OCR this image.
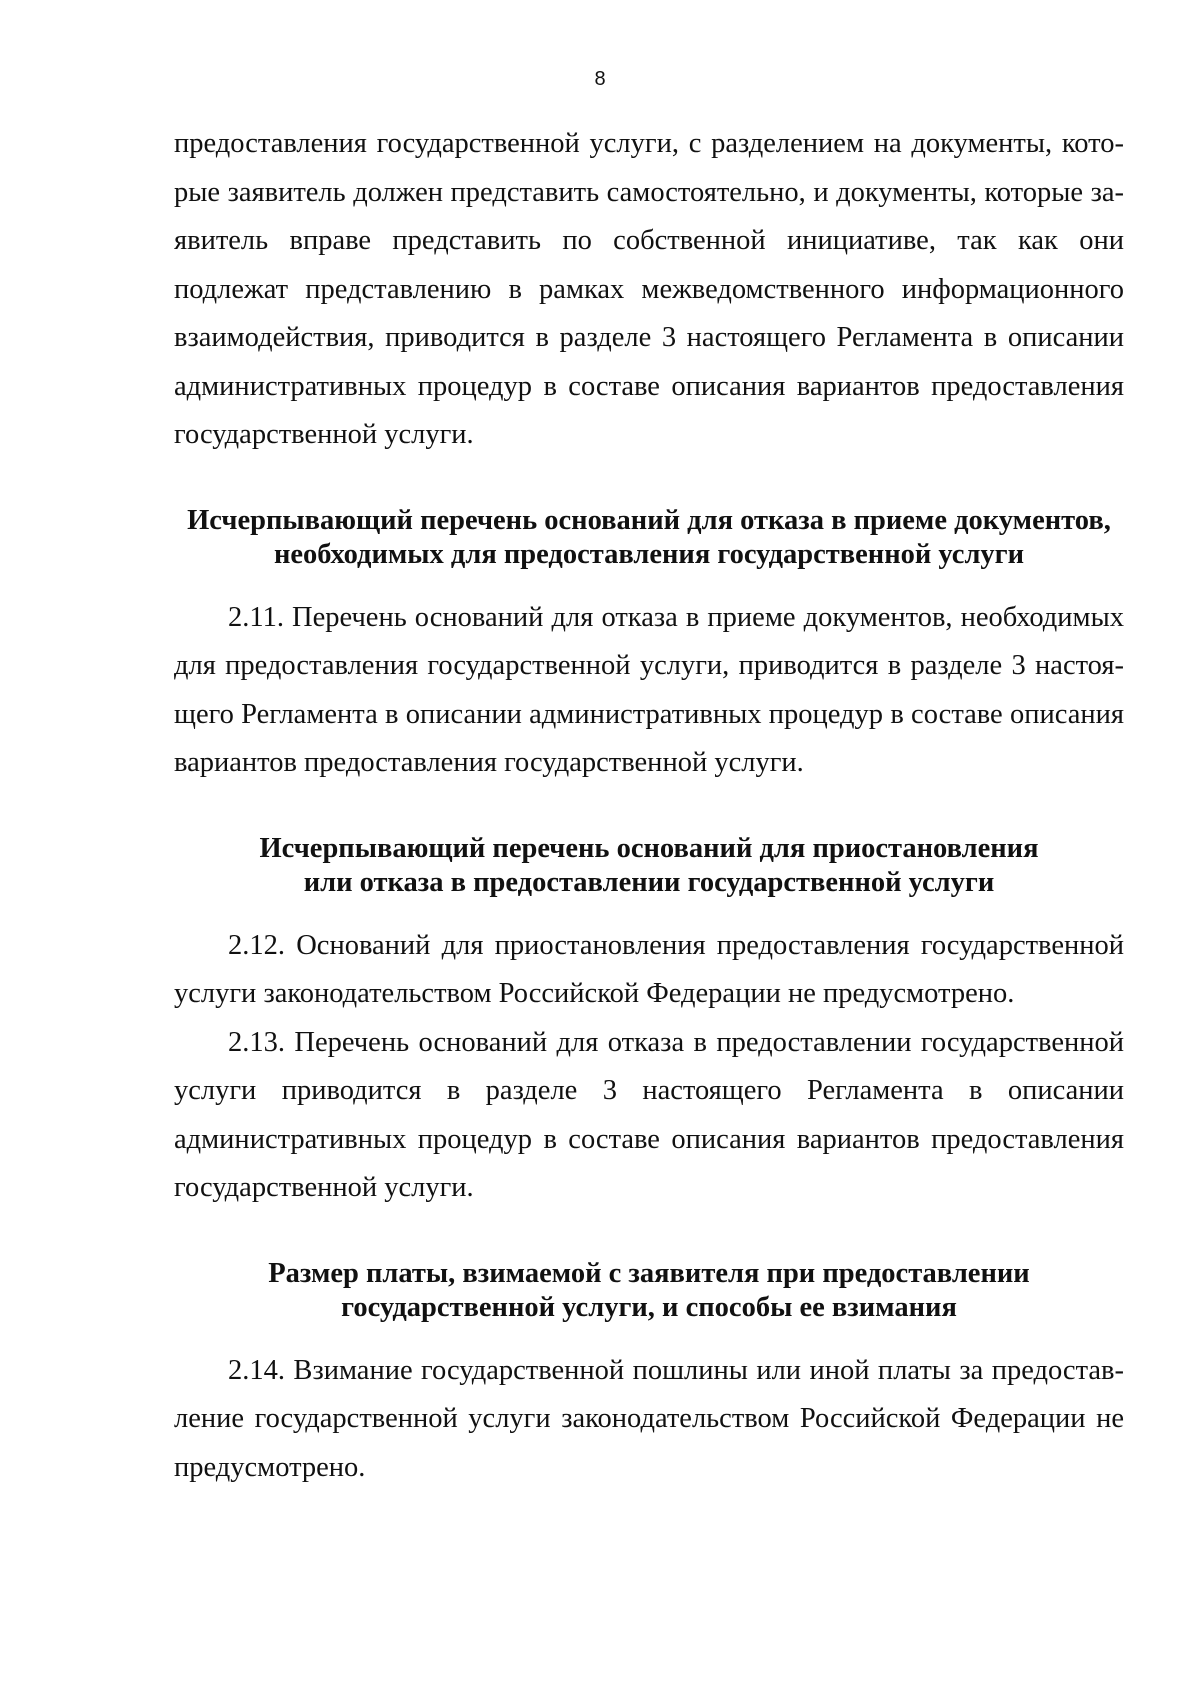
8

предоставления государственной услуги, с разделением на документы, которые заявитель должен представить самостоятельно, и документы, которые заявитель вправе представить по собственной инициативе, так как они подлежат представлению в рамках межведомственного информационного взаимодействия, приводится в разделе 3 настоящего Регламента в описании административных процедур в составе описания вариантов предоставления государственной услуги.

Исчерпывающий перечень оснований для отказа в приеме документов,
необходимых для предоставления государственной услуги

2.11. Перечень оснований для отказа в приеме документов, необходимых для предоставления государственной услуги, приводится в разделе 3 настоящего Регламента в описании административных процедур в составе описания вариантов предоставления государственной услуги.

Исчерпывающий перечень оснований для приостановления
или отказа в предоставлении государственной услуги

2.12. Оснований для приостановления предоставления государственной услуги законодательством Российской Федерации не предусмотрено.

2.13. Перечень оснований для отказа в предоставлении государственной услуги приводится в разделе 3 настоящего Регламента в описании административных процедур в составе описания вариантов предоставления государственной услуги.

Размер платы, взимаемой с заявителя при предоставлении
государственной услуги, и способы ее взимания

2.14. Взимание государственной пошлины или иной платы за предоставление государственной услуги законодательством Российской Федерации не предусмотрено.
